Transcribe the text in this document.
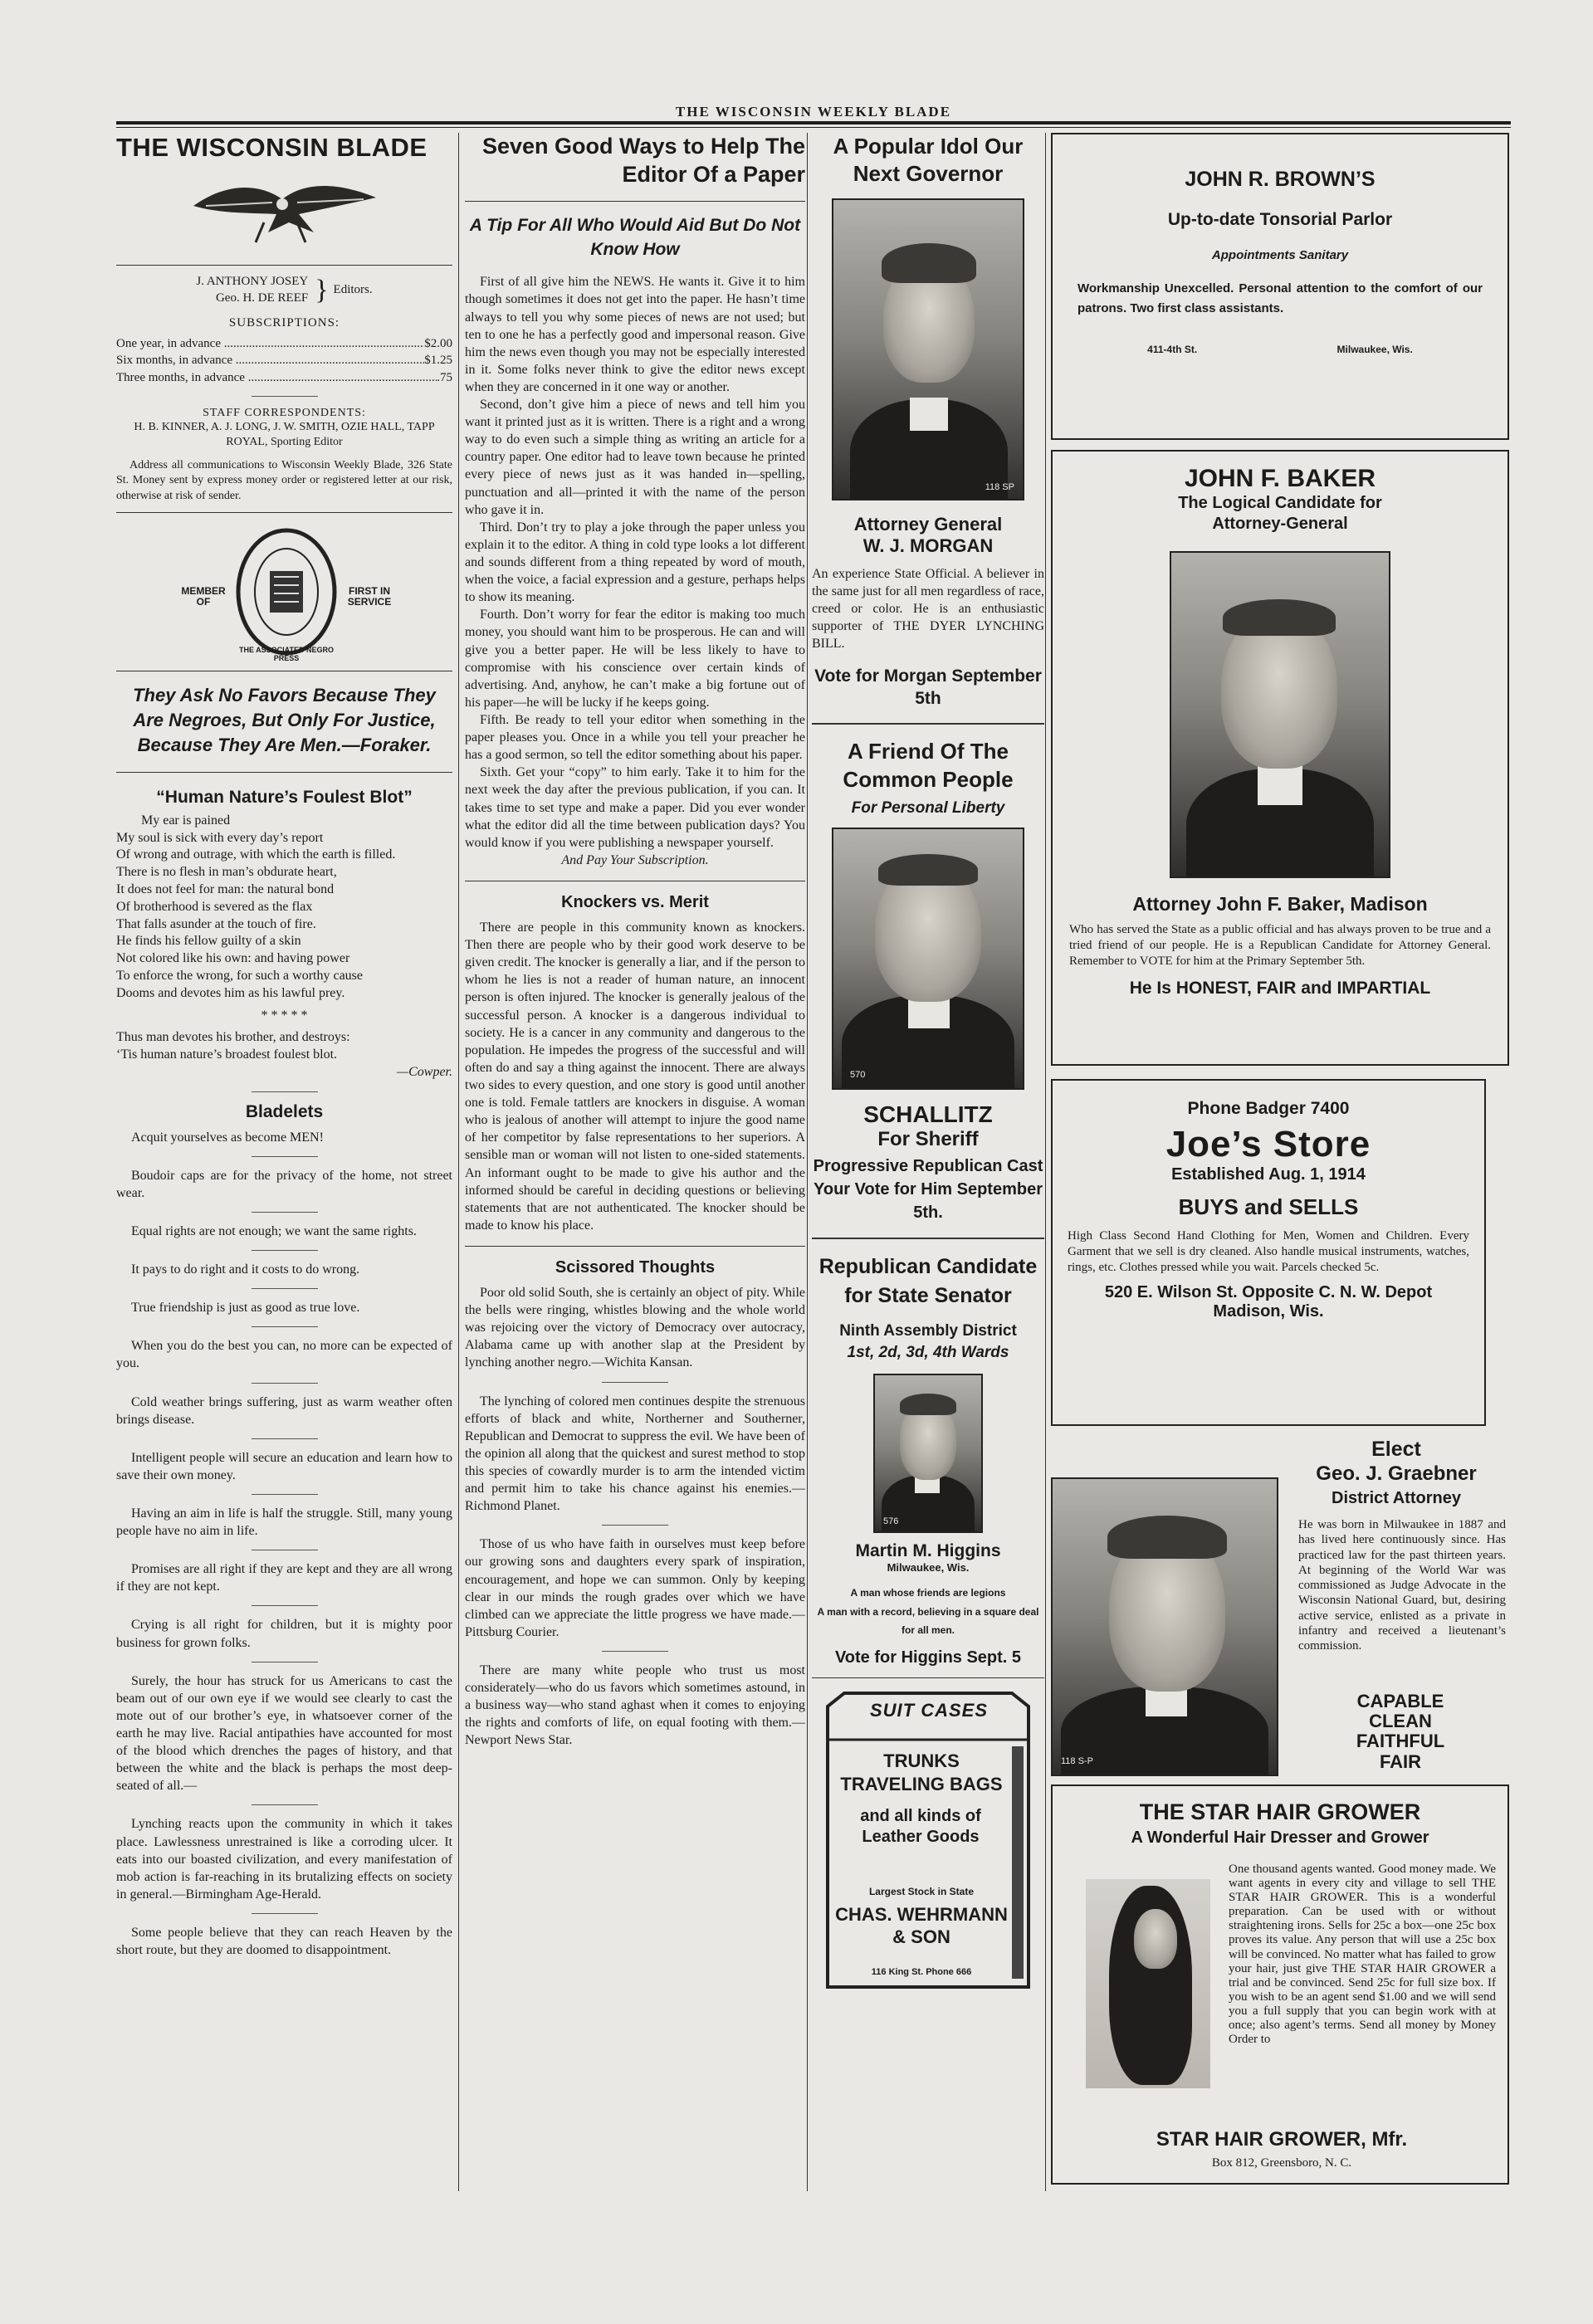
THE WISCONSIN WEEKLY BLADE
THE WISCONSIN BLADE
J. ANTHONY JOSEY
Geo. H. DE REEF } Editors.
SUBSCRIPTIONS:
One year, in advance .....	$2.00
Six months, in advance .....	$1.25
Three months, in advance .....	.75
STAFF CORRESPONDENTS:
H. B. KINNER, A. J. LONG, J. W. SMITH, OZIE HALL, TAPP ROYAL, Sporting Editor
Address all communications to Wisconsin Weekly Blade, 326 State St. Money sent by express money order or registered letter at our risk, otherwise at risk of sender.
MEMBER OF
FIRST IN SERVICE
THE ASSOCIATED NEGRO PRESS
They Ask No Favors Because They Are Negroes, But Only For Justice, Because They Are Men.—Foraker.
“Human Nature’s Foulest Blot”

My ear is pained

My soul is sick with every day’s report

Of wrong and outrage, with which the earth is filled.

There is no flesh in man’s obdurate heart,

It does not feel for man: the natural bond

Of brotherhood is severed as the flax

That falls asunder at the touch of fire.

He finds his fellow guilty of a skin

Not colored like his own: and having power

To enforce the wrong, for such a worthy cause

Dooms and devotes him as his lawful prey.

* * * * *

Thus man devotes his brother, and destroys:

‘Tis human nature’s broadest foulest blot.

—Cowper.

Bladelets

Acquit yourselves as become MEN!

Boudoir caps are for the privacy of the home, not street wear.

Equal rights are not enough; we want the same rights.

It pays to do right and it costs to do wrong.

True friendship is just as good as true love.

When you do the best you can, no more can be expected of you.

Cold weather brings suffering, just as warm weather often brings disease.

Intelligent people will secure an education and learn how to save their own money.

Having an aim in life is half the struggle. Still, many young people have no aim in life.

Promises are all right if they are kept and they are all wrong if they are not kept.

Crying is all right for children, but it is mighty poor business for grown folks.

Surely, the hour has struck for us Americans to cast the beam out of our own eye if we would see clearly to cast the mote out of our brother’s eye, in whatsoever corner of the earth he may live. Racial antipathies have accounted for most of the blood which drenches the pages of history, and that between the white and the black is perhaps the most deep-seated of all.—

Lynching reacts upon the community in which it takes place. Lawlessness unrestrained is like a corroding ulcer. It eats into our boasted civilization, and every manifestation of mob action is far-reaching in its brutalizing effects on society in general.—Birmingham Age-Herald.

Some people believe that they can reach Heaven by the short route, but they are doomed to disappointment.

Seven Good Ways to Help The Editor Of a Paper
A Tip For All Who Would Aid But Do Not Know How

First of all give him the NEWS. He wants it. Give it to him though sometimes it does not get into the paper. He hasn’t time always to tell you why some pieces of news are not used; but ten to one he has a perfectly good and impersonal reason. Give him the news even though you may not be especially interested in it. Some folks never think to give the editor news except when they are concerned in it one way or another.

Second, don’t give him a piece of news and tell him you want it printed just as it is written. There is a right and a wrong way to do even such a simple thing as writing an article for a country paper. One editor had to leave town because he printed every piece of news just as it was handed in—spelling, punctuation and all—printed it with the name of the person who gave it in.

Third. Don’t try to play a joke through the paper unless you explain it to the editor. A thing in cold type looks a lot different and sounds different from a thing repeated by word of mouth, when the voice, a facial expression and a gesture, perhaps helps to show its meaning.

Fourth. Don’t worry for fear the editor is making too much money, you should want him to be prosperous. He can and will give you a better paper. He will be less likely to have to compromise with his conscience over certain kinds of advertising. And, anyhow, he can’t make a big fortune out of his paper—he will be lucky if he keeps going.

Fifth. Be ready to tell your editor when something in the paper pleases you. Once in a while you tell your preacher he has a good sermon, so tell the editor something about his paper.

Sixth. Get your “copy” to him early. Take it to him for the next week the day after the previous publication, if you can. It takes time to set type and make a paper. Did you ever wonder what the editor did all the time between publication days? You would know if you were publishing a newspaper yourself.

And Pay Your Subscription.

Knockers vs. Merit

There are people in this community known as knockers. Then there are people who by their good work deserve to be given credit. The knocker is generally a liar, and if the person to whom he lies is not a reader of human nature, an innocent person is often injured. The knocker is generally jealous of the successful person. A knocker is a dangerous individual to society. He is a cancer in any community and dangerous to the population. He impedes the progress of the successful and will often do and say a thing against the innocent. There are always two sides to every question, and one story is good until another one is told. Female tattlers are knockers in disguise. A woman who is jealous of another will attempt to injure the good name of her competitor by false representations to her superiors. A sensible man or woman will not listen to one-sided statements. An informant ought to be made to give his author and the informed should be careful in deciding questions or believing statements that are not authenticated. The knocker should be made to know his place.

Scissored Thoughts

Poor old solid South, she is certainly an object of pity. While the bells were ringing, whistles blowing and the whole world was rejoicing over the victory of Democracy over autocracy, Alabama came up with another slap at the President by lynching another negro.—Wichita Kansan.

The lynching of colored men continues despite the strenuous efforts of black and white, Northerner and Southerner, Republican and Democrat to suppress the evil. We have been of the opinion all along that the quickest and surest method to stop this species of cowardly murder is to arm the intended victim and permit him to take his chance against his enemies.—Richmond Planet.

Those of us who have faith in ourselves must keep before our growing sons and daughters every spark of inspiration, encouragement, and hope we can summon. Only by keeping clear in our minds the rough grades over which we have climbed can we appreciate the little progress we have made.—Pittsburg Courier.

There are many white people who trust us most considerately—who do us favors which sometimes astound, in a business way—who stand aghast when it comes to enjoying the rights and comforts of life, on equal footing with them.—Newport News Star.

A Popular Idol Our Next Governor
118 SP
Attorney General
W. J. MORGAN

An experience State Official. A believer in the same just for all men regardless of race, creed or color. He is an enthusiastic supporter of THE DYER LYNCHING BILL.

Vote for Morgan September 5th
A Friend Of The Common People
For Personal Liberty
570
SCHALLITZ
For Sheriff
Progressive Republican Cast Your Vote for Him September 5th.
Republican Candidate for State Senator
Ninth Assembly District
1st, 2d, 3d, 4th Wards
576
Martin M. Higgins
Milwaukee, Wis.
A man whose friends are legions
A man with a record, believing in a square deal for all men.
Vote for Higgins Sept. 5
SUIT CASES
TRUNKS TRAVELING BAGS
and all kinds of Leather Goods
Largest Stock in State
CHAS. WEHRMANN & SON
116 King St. Phone 666
JOHN R. BROWN’S
Up-to-date Tonsorial Parlor
Appointments Sanitary
Workmanship Unexcelled. Personal attention to the comfort of our patrons. Two first class assistants.
411-4th St.	Milwaukee, Wis.
JOHN F. BAKER
The Logical Candidate for Attorney-General
Attorney John F. Baker, Madison

Who has served the State as a public official and has always proven to be true and a tried friend of our people. He is a Republican Candidate for Attorney General. Remember to VOTE for him at the Primary September 5th.

He Is HONEST, FAIR and IMPARTIAL
Phone Badger 7400
Joe’s Store
Established Aug. 1, 1914
BUYS and SELLS

High Class Second Hand Clothing for Men, Women and Children. Every Garment that we sell is dry cleaned. Also handle musical instruments, watches, rings, etc. Clothes pressed while you wait. Parcels checked 5c.

520 E. Wilson St. Opposite C. N. W. Depot
Madison, Wis.
Elect
Geo. J. Graebner
District Attorney
118 S-P

He was born in Milwaukee in 1887 and has lived here continuously since. Has practiced law for the past thirteen years. At beginning of the World War was commissioned as Judge Advocate in the Wisconsin National Guard, but, desiring active service, enlisted as a private in infantry and received a lieutenant’s commission.

CAPABLE
CLEAN
FAITHFUL
FAIR
THE STAR HAIR GROWER
A Wonderful Hair Dresser and Grower

One thousand agents wanted. Good money made. We want agents in every city and village to sell THE STAR HAIR GROWER. This is a wonderful preparation. Can be used with or without straightening irons. Sells for 25c a box—one 25c box proves its value. Any person that will use a 25c box will be convinced. No matter what has failed to grow your hair, just give THE STAR HAIR GROWER a trial and be convinced. Send 25c for full size box. If you wish to be an agent send $1.00 and we will send you a full supply that you can begin work with at once; also agent’s terms. Send all money by Money Order to

STAR HAIR GROWER, Mfr.
Box 812, Greensboro, N. C.
